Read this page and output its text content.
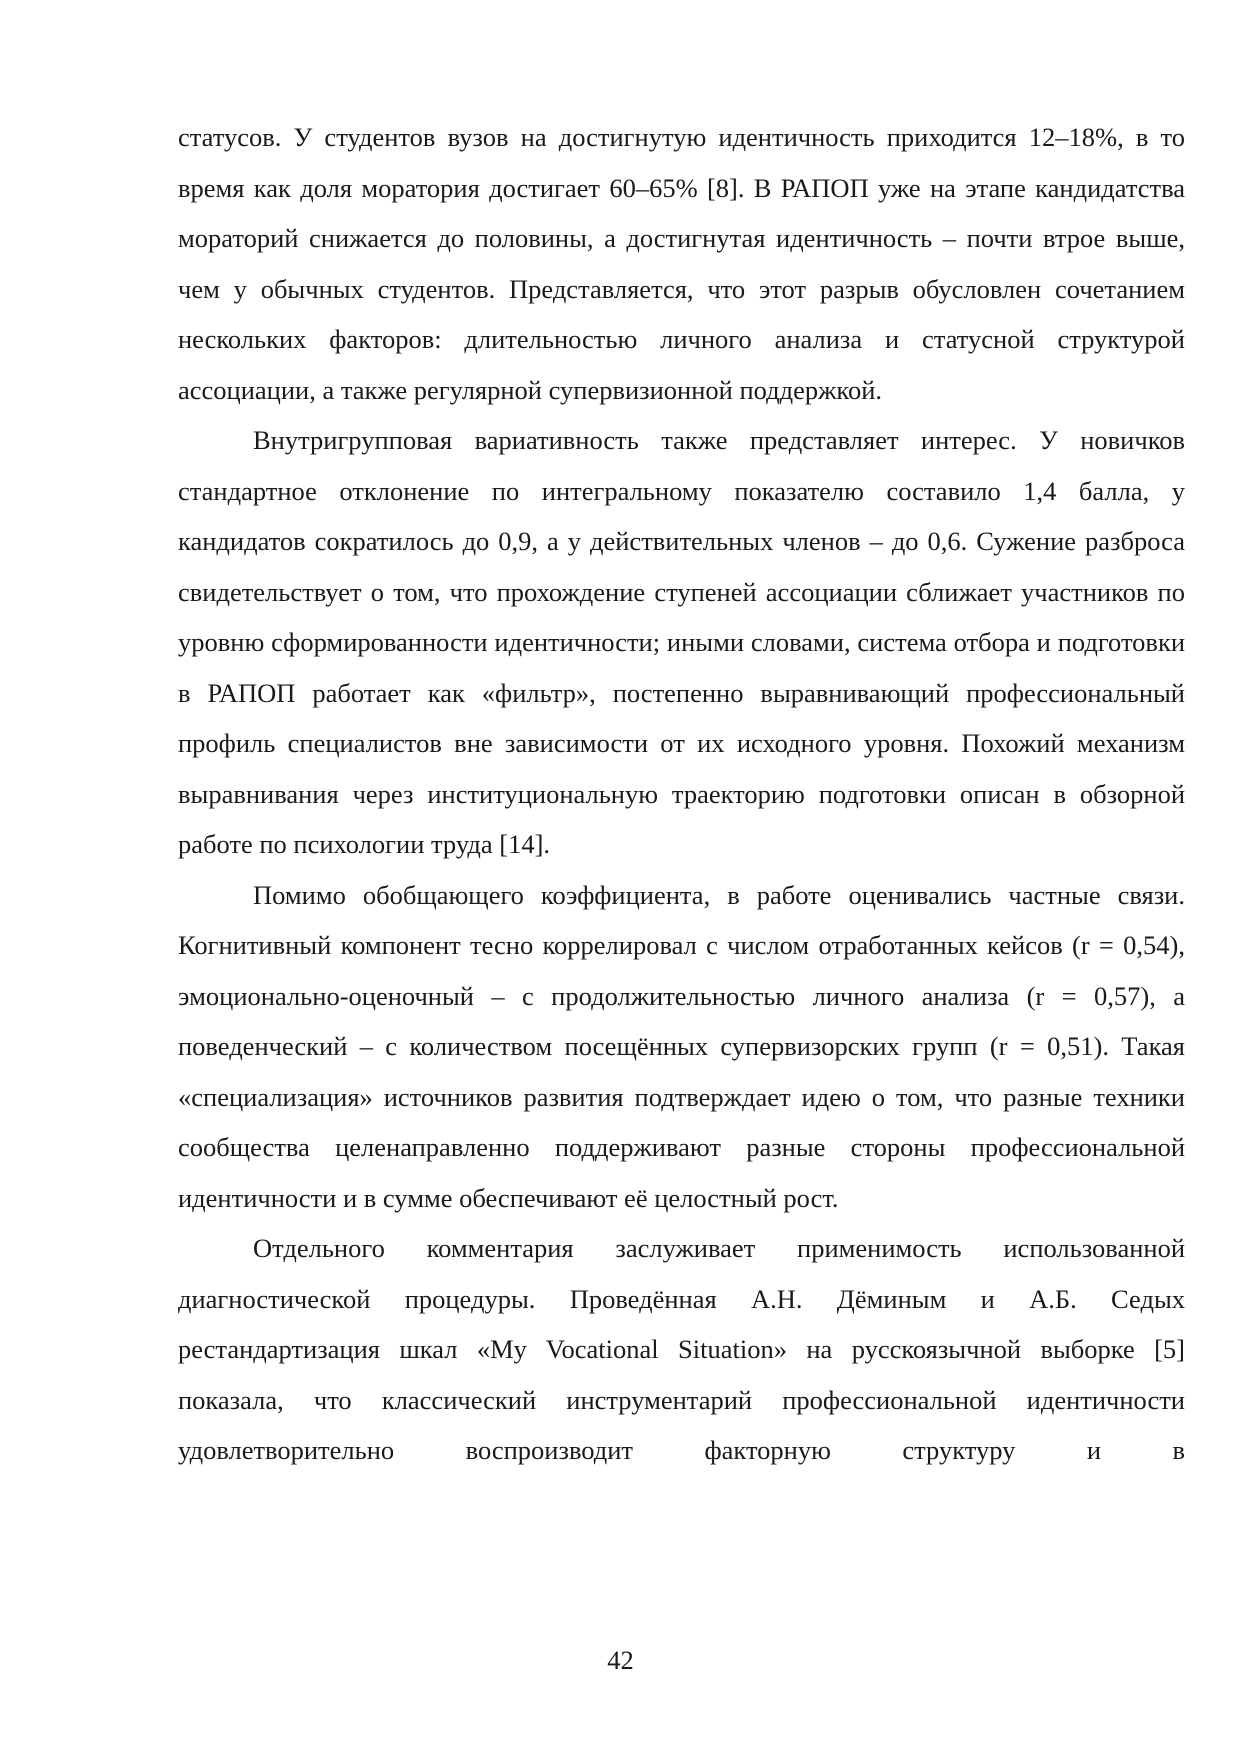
статусов. У студентов вузов на достигнутую идентичность приходится 12–18%, в то время как доля моратория достигает 60–65% [8]. В РАПОП уже на этапе кандидатства мораторий снижается до половины, а достигнутая идентичность – почти втрое выше, чем у обычных студентов. Представляется, что этот разрыв обусловлен сочетанием нескольких факторов: длительностью личного анализа и статусной структурой ассоциации, а также регулярной супервизионной поддержкой.

Внутригрупповая вариативность также представляет интерес. У новичков стандартное отклонение по интегральному показателю составило 1,4 балла, у кандидатов сократилось до 0,9, а у действительных членов – до 0,6. Сужение разброса свидетельствует о том, что прохождение ступеней ассоциации сближает участников по уровню сформированности идентичности; иными словами, система отбора и подготовки в РАПОП работает как «фильтр», постепенно выравнивающий профессиональный профиль специалистов вне зависимости от их исходного уровня. Похожий механизм выравнивания через институциональную траекторию подготовки описан в обзорной работе по психологии труда [14].

Помимо обобщающего коэффициента, в работе оценивались частные связи. Когнитивный компонент тесно коррелировал с числом отработанных кейсов (r = 0,54), эмоционально-оценочный – с продолжительностью личного анализа (r = 0,57), а поведенческий – с количеством посещённых супервизорских групп (r = 0,51). Такая «специализация» источников развития подтверждает идею о том, что разные техники сообщества целенаправленно поддерживают разные стороны профессиональной идентичности и в сумме обеспечивают её целостный рост.

Отдельного комментария заслуживает применимость использованной диагностической процедуры. Проведённая А.Н. Дёминым и А.Б. Седых рестандартизация шкал «My Vocational Situation» на русскоязычной выборке [5] показала, что классический инструментарий профессиональной идентичности удовлетворительно воспроизводит факторную структуру и в

42
